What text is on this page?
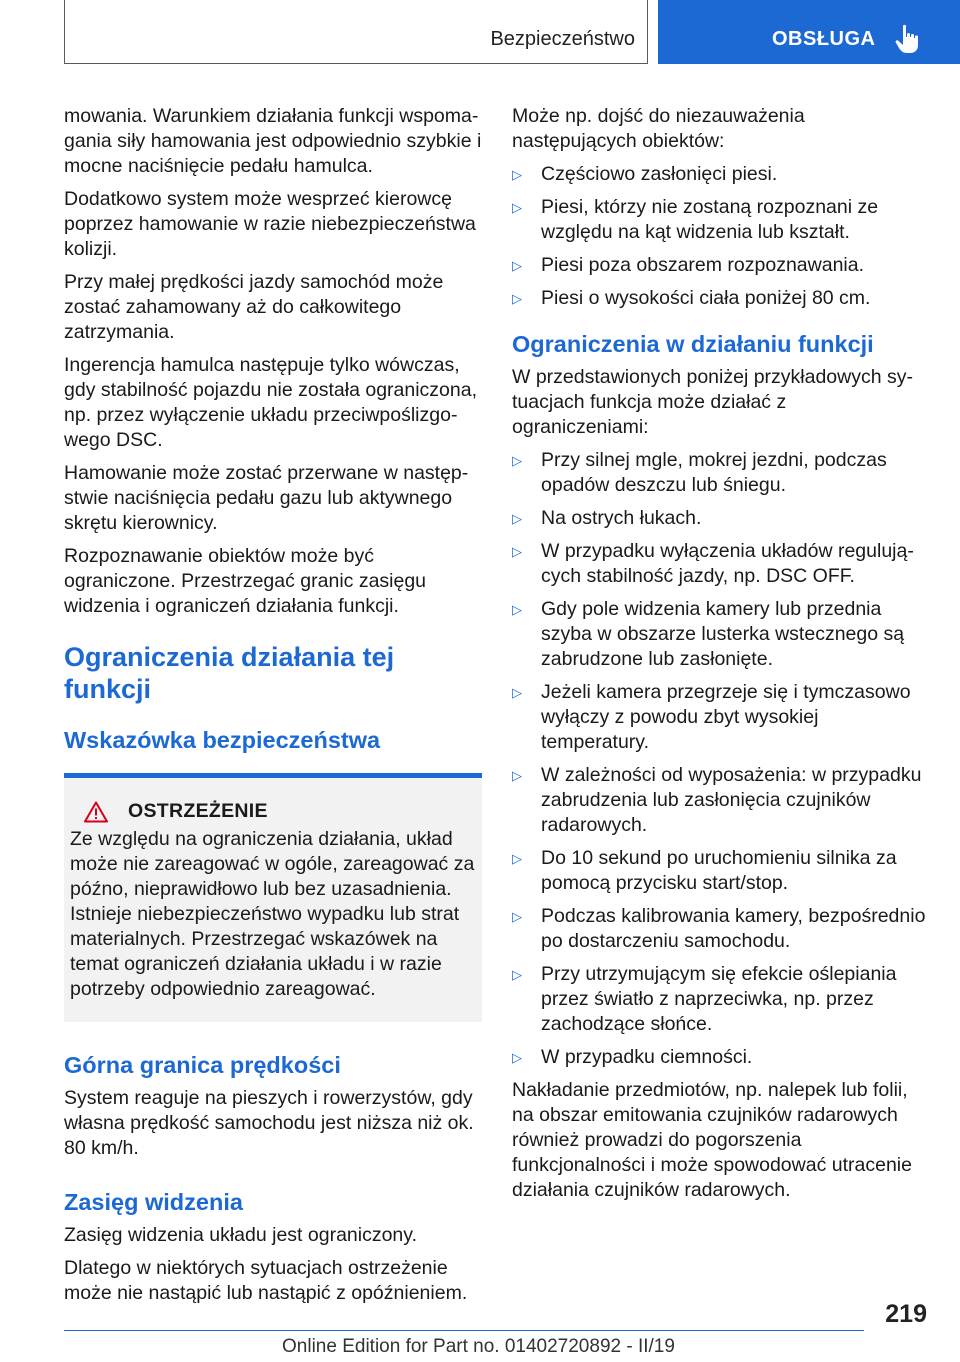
Bezpieczeństwo	OBSŁUGA

mowania. Warunkiem działania funkcji wspomagania siły hamowania jest odpowiednio szybkie i mocne naciśnięcie pedału hamulca.

Dodatkowo system może wesprzeć kierowcę poprzez hamowanie w razie niebezpieczeństwa kolizji.

Przy małej prędkości jazdy samochód może zostać zahamowany aż do całkowitego zatrzymania.

Ingerencja hamulca następuje tylko wówczas, gdy stabilność pojazdu nie została ograniczona, np. przez wyłączenie układu przeciwpoślizgowego DSC.

Hamowanie może zostać przerwane w następstwie naciśnięcia pedału gazu lub aktywnego skrętu kierownicy.

Rozpoznawanie obiektów może być ograniczone. Przestrzegać granic zasięgu widzenia i ograniczeń działania funkcji.

Ograniczenia działania tej funkcji
Wskazówka bezpieczeństwa
OSTRZEŻENIE

Ze względu na ograniczenia działania, układ może nie zareagować w ogóle, zareagować za późno, nieprawidłowo lub bez uzasadnienia. Istnieje niebezpieczeństwo wypadku lub strat materialnych. Przestrzegać wskazówek na temat ograniczeń działania układu i w razie potrzeby odpowiednio zareagować.

Górna granica prędkości

System reaguje na pieszych i rowerzystów, gdy własna prędkość samochodu jest niższa niż ok. 80 km/h.

Zasięg widzenia

Zasięg widzenia układu jest ograniczony.

Dlatego w niektórych sytuacjach ostrzeżenie może nie nastąpić lub nastąpić z opóźnieniem.

Może np. dojść do niezauważenia następujących obiektów:

▷ Częściowo zasłonięci piesi.
▷ Piesi, którzy nie zostaną rozpoznani ze względu na kąt widzenia lub kształt.
▷ Piesi poza obszarem rozpoznawania.
▷ Piesi o wysokości ciała poniżej 80 cm.
Ograniczenia w działaniu funkcji

W przedstawionych poniżej przykładowych sytuacjach funkcja może działać z ograniczeniami:

▷ Przy silnej mgle, mokrej jezdni, podczas opadów deszczu lub śniegu.
▷ Na ostrych łukach.
▷ W przypadku wyłączenia układów regulujących stabilność jazdy, np. DSC OFF.
▷ Gdy pole widzenia kamery lub przednia szyba w obszarze lusterka wstecznego są zabrudzone lub zasłonięte.
▷ Jeżeli kamera przegrzeje się i tymczasowo wyłączy z powodu zbyt wysokiej temperatury.
▷ W zależności od wyposażenia: w przypadku zabrudzenia lub zasłonięcia czujników radarowych.
▷ Do 10 sekund po uruchomieniu silnika za pomocą przycisku start/stop.
▷ Podczas kalibrowania kamery, bezpośrednio po dostarczeniu samochodu.
▷ Przy utrzymującym się efekcie oślepiania przez światło z naprzeciwka, np. przez zachodzące słońce.
▷ W przypadku ciemności.

Nakładanie przedmiotów, np. nalepek lub folii, na obszar emitowania czujników radarowych również prowadzi do pogorszenia funkcjonalności i może spowodować utracenie działania czujników radarowych.

219
Online Edition for Part no. 01402720892 - II/19
